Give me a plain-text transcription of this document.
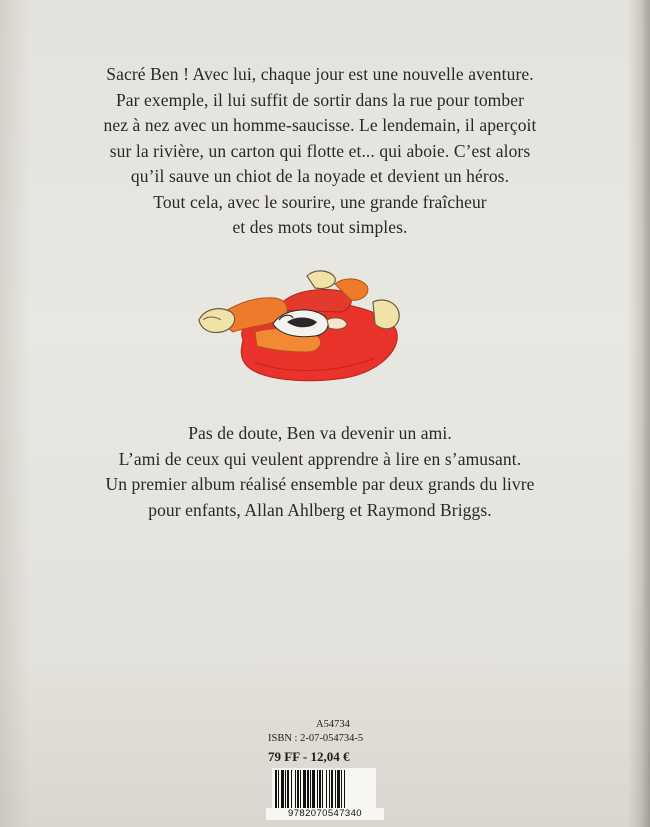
Sacré Ben ! Avec lui, chaque jour est une nouvelle aventure.

Par exemple, il lui suffit de sortir dans la rue pour tomber

nez à nez avec un homme-saucisse. Le lendemain, il aperçoit

sur la rivière, un carton qui flotte et... qui aboie. C’est alors

qu’il sauve un chiot de la noyade et devient un héros.

Tout cela, avec le sourire, une grande fraîcheur

et des mots tout simples.

Pas de doute, Ben va devenir un ami.

L’ami de ceux qui veulent apprendre à lire en s’amusant.

Un premier album réalisé ensemble par deux grands du livre

pour enfants, Allan Ahlberg et Raymond Briggs.

A54734
ISBN : 2-07-054734-5
79 FF - 12,04 €
9782070547340
